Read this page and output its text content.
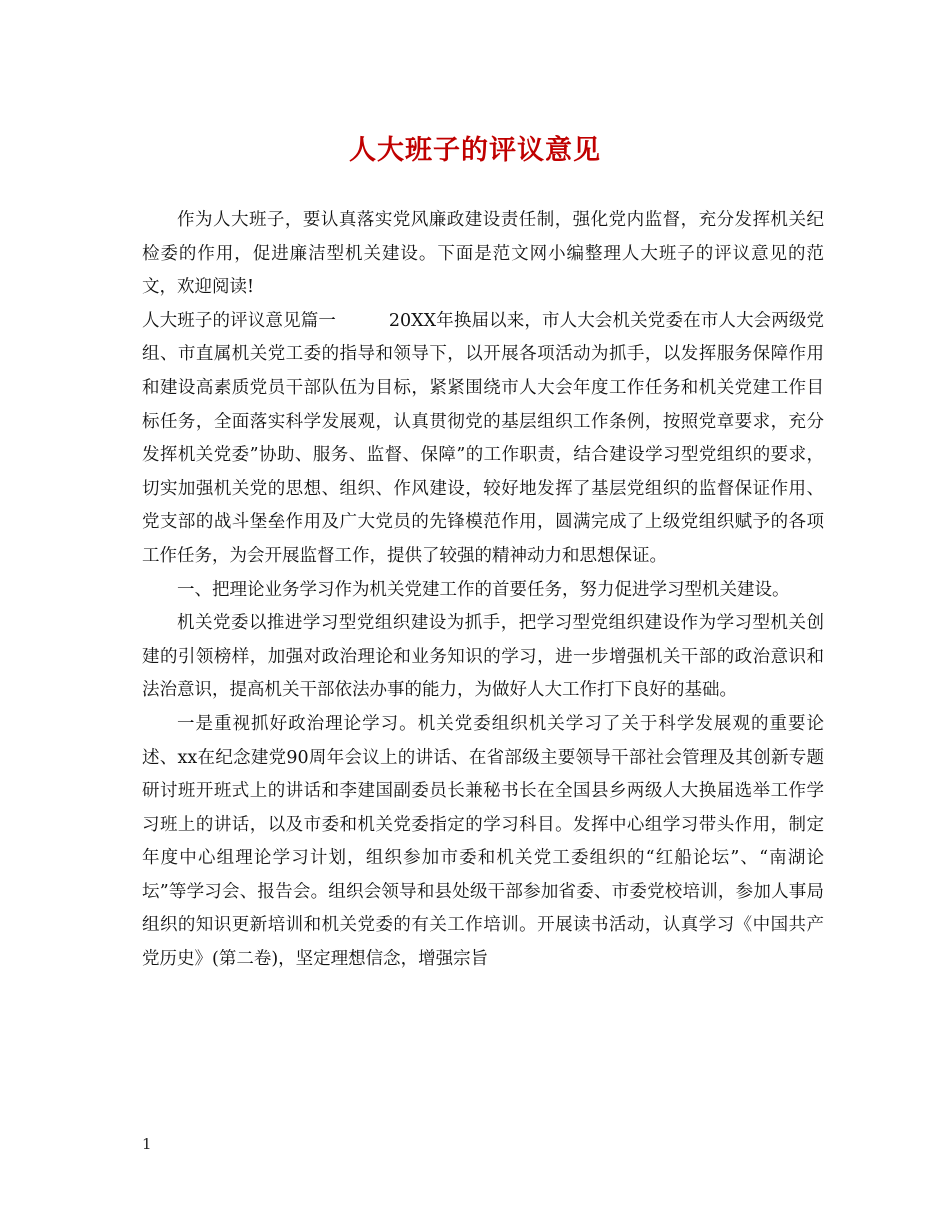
人大班子的评议意见

作为人大班子，要认真落实党风廉政建设责任制，强化党内监督，充分发挥机关纪检委的作用，促进廉洁型机关建设。下面是范文网小编整理人大班子的评议意见的范文，欢迎阅读!

人大班子的评议意见篇一　　　	20XX年换届以来，市人大会机关党委在市人大会两级党组、市直属机关党工委的指导和领导下，以开展各项活动为抓手，以发挥服务保障作用和建设高素质党员干部队伍为目标，紧紧围绕市人大会年度工作任务和机关党建工作目标任务，全面落实科学发展观，认真贯彻党的基层组织工作条例，按照党章要求，充分发挥机关党委”协助、服务、监督、保障”的工作职责，结合建设学习型党组织的要求，切实加强机关党的思想、组织、作风建设，较好地发挥了基层党组织的监督保证作用、党支部的战斗堡垒作用及广大党员的先锋模范作用，圆满完成了上级党组织赋予的各项工作任务，为会开展监督工作，提供了较强的精神动力和思想保证。

一、把理论业务学习作为机关党建工作的首要任务，努力促进学习型机关建设。

机关党委以推进学习型党组织建设为抓手，把学习型党组织建设作为学习型机关创建的引领榜样，加强对政治理论和业务知识的学习，进一步增强机关干部的政治意识和法治意识，提高机关干部依法办事的能力，为做好人大工作打下良好的基础。

一是重视抓好政治理论学习。机关党委组织机关学习了关于科学发展观的重要论述、xx在纪念建党90周年会议上的讲话、在省部级主要领导干部社会管理及其创新专题研讨班开班式上的讲话和李建国副委员长兼秘书长在全国县乡两级人大换届选举工作学习班上的讲话，以及市委和机关党委指定的学习科目。发挥中心组学习带头作用，制定年度中心组理论学习计划，组织参加市委和机关党工委组织的“红船论坛”、“南湖论坛”等学习会、报告会。组织会领导和县处级干部参加省委、市委党校培训，参加人事局组织的知识更新培训和机关党委的有关工作培训。开展读书活动，认真学习《中国共产党历史》(第二卷)，坚定理想信念，增强宗旨

1
